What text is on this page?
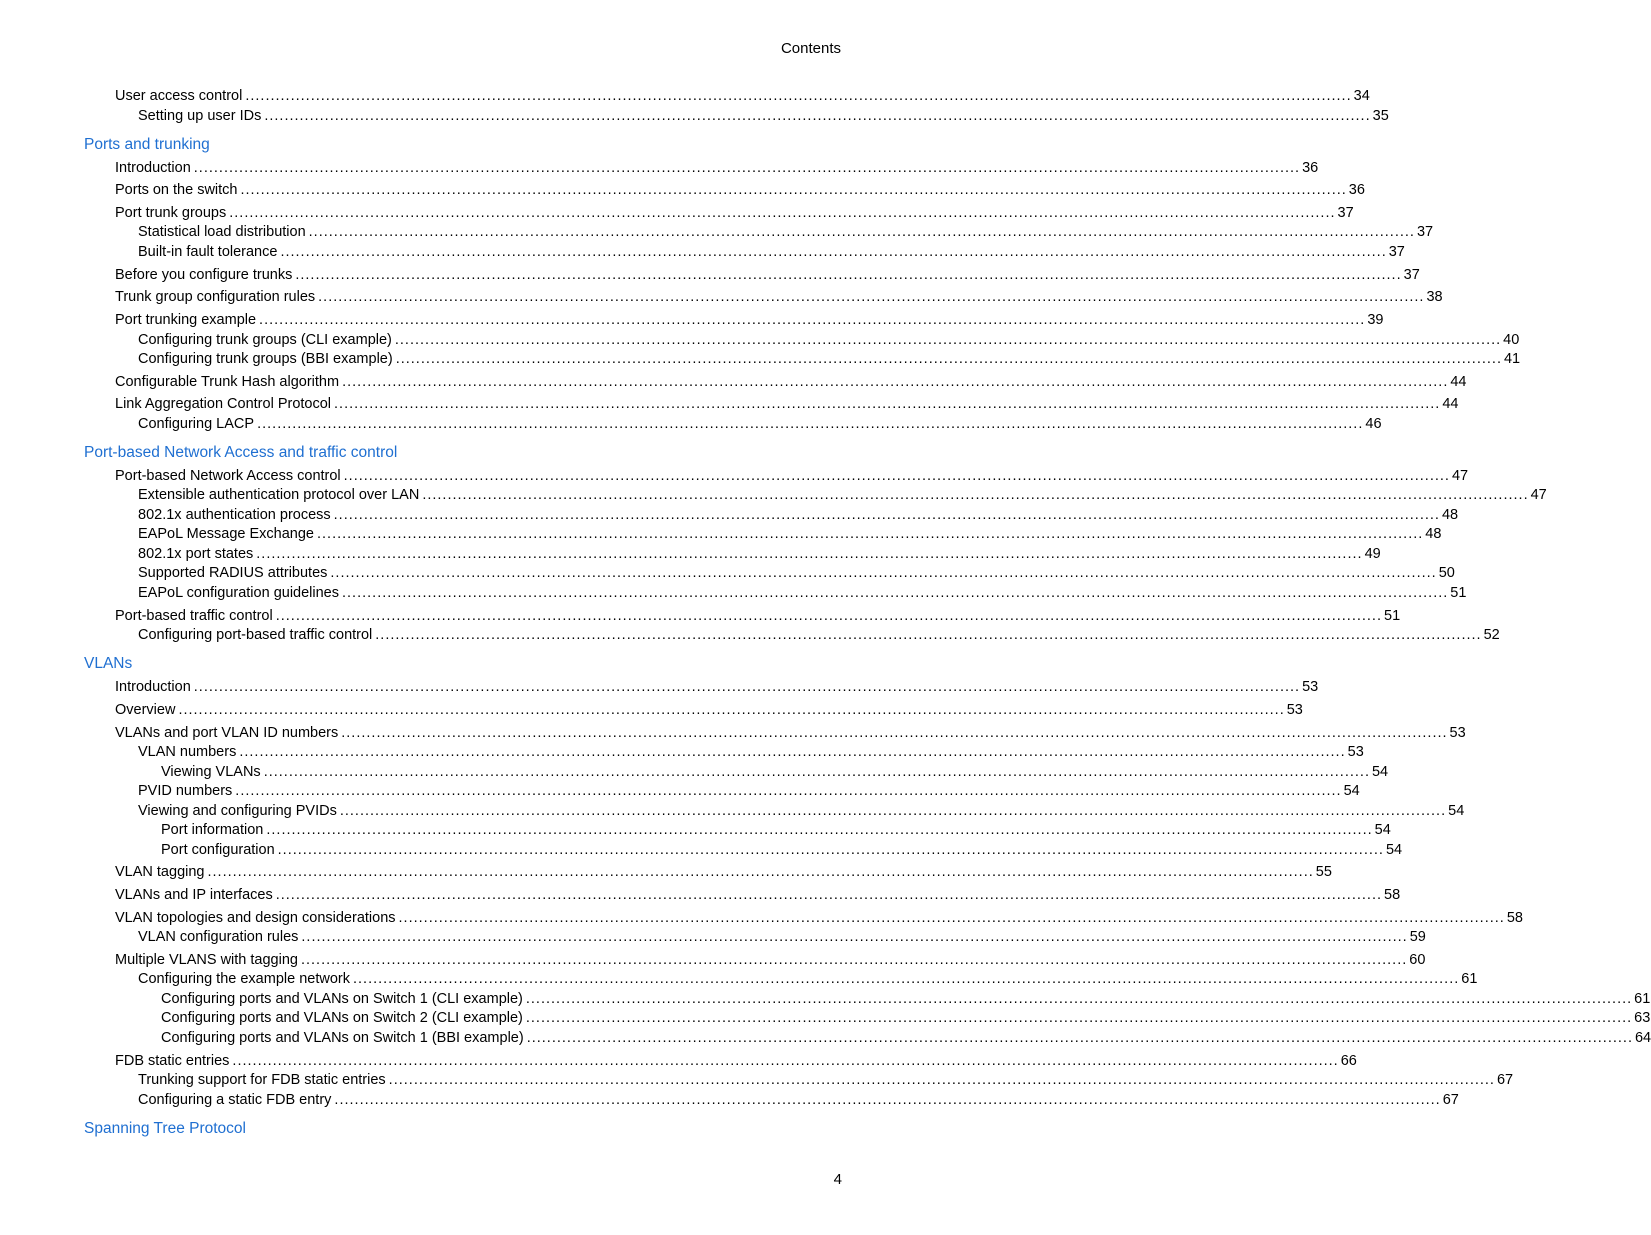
Contents
User access control ............................................................................................................................................................................................................................ 34
Setting up user IDs ............................................................................................................................................................................................................................ 35
Ports and trunking
Introduction ............................................................................................................................................................................................................................ 36
Ports on the switch ............................................................................................................................................................................................................................ 36
Port trunk groups ............................................................................................................................................................................................................................ 37
Statistical load distribution ............................................................................................................................................................................................................................ 37
Built-in fault tolerance ............................................................................................................................................................................................................................ 37
Before you configure trunks ............................................................................................................................................................................................................................ 37
Trunk group configuration rules ............................................................................................................................................................................................................................ 38
Port trunking example ............................................................................................................................................................................................................................ 39
Configuring trunk groups (CLI example) ............................................................................................................................................................................................................................ 40
Configuring trunk groups (BBI example) ............................................................................................................................................................................................................................ 41
Configurable Trunk Hash algorithm ............................................................................................................................................................................................................................ 44
Link Aggregation Control Protocol ............................................................................................................................................................................................................................ 44
Configuring LACP ............................................................................................................................................................................................................................ 46
Port-based Network Access and traffic control
Port-based Network Access control ............................................................................................................................................................................................................................ 47
Extensible authentication protocol over LAN ............................................................................................................................................................................................................................ 47
802.1x authentication process ............................................................................................................................................................................................................................ 48
EAPoL Message Exchange ............................................................................................................................................................................................................................ 48
802.1x port states ............................................................................................................................................................................................................................ 49
Supported RADIUS attributes ............................................................................................................................................................................................................................ 50
EAPoL configuration guidelines ............................................................................................................................................................................................................................ 51
Port-based traffic control ............................................................................................................................................................................................................................ 51
Configuring port-based traffic control ............................................................................................................................................................................................................................ 52
VLANs
Introduction ............................................................................................................................................................................................................................ 53
Overview ............................................................................................................................................................................................................................ 53
VLANs and port VLAN ID numbers ............................................................................................................................................................................................................................ 53
VLAN numbers ............................................................................................................................................................................................................................ 53
Viewing VLANs ............................................................................................................................................................................................................................ 54
PVID numbers ............................................................................................................................................................................................................................ 54
Viewing and configuring PVIDs ............................................................................................................................................................................................................................ 54
Port information ............................................................................................................................................................................................................................ 54
Port configuration ............................................................................................................................................................................................................................ 54
VLAN tagging ............................................................................................................................................................................................................................ 55
VLANs and IP interfaces ............................................................................................................................................................................................................................ 58
VLAN topologies and design considerations ............................................................................................................................................................................................................................ 58
VLAN configuration rules ............................................................................................................................................................................................................................ 59
Multiple VLANS with tagging ............................................................................................................................................................................................................................ 60
Configuring the example network ............................................................................................................................................................................................................................ 61
Configuring ports and VLANs on Switch 1 (CLI example) ............................................................................................................................................................................................................................ 61
Configuring ports and VLANs on Switch 2 (CLI example) ............................................................................................................................................................................................................................ 63
Configuring ports and VLANs on Switch 1 (BBI example) ............................................................................................................................................................................................................................ 64
FDB static entries ............................................................................................................................................................................................................................ 66
Trunking support for FDB static entries ............................................................................................................................................................................................................................ 67
Configuring a static FDB entry ............................................................................................................................................................................................................................ 67
Spanning Tree Protocol
4
